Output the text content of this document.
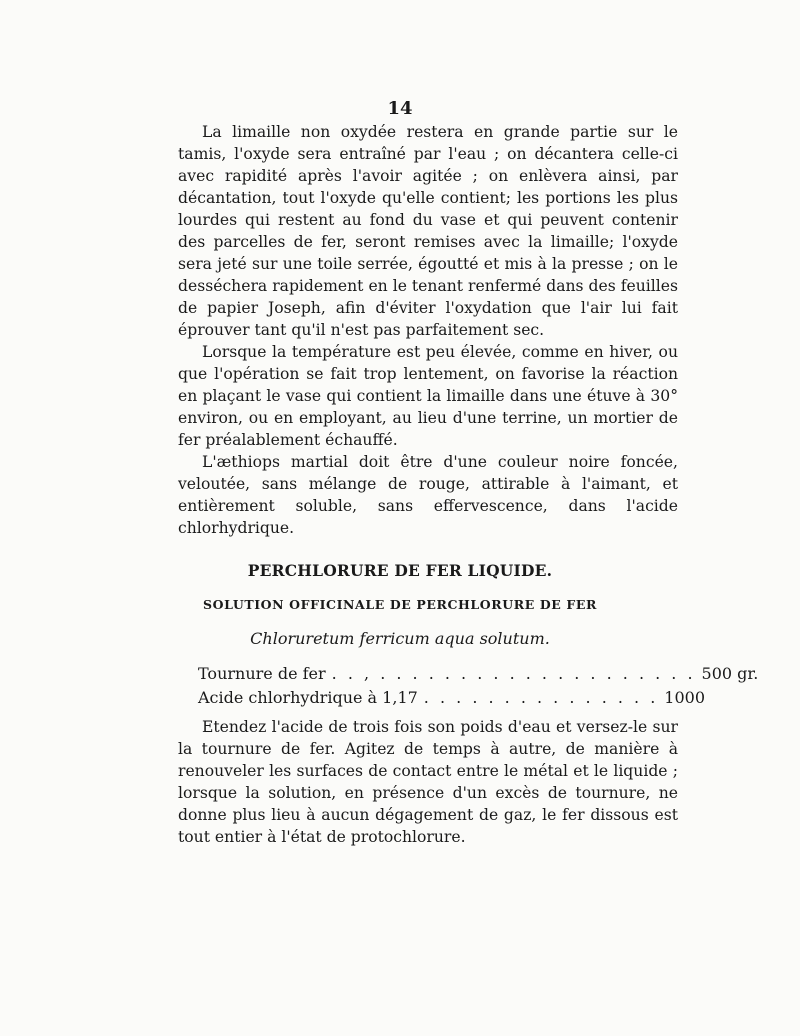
14

La limaille non oxydée restera en grande partie sur le tamis, l'oxyde sera entraîné par l'eau ; on décantera celle-ci avec rapidité après l'avoir agitée ; on enlèvera ainsi, par décantation, tout l'oxyde qu'elle contient; les portions les plus lourdes qui restent au fond du vase et qui peuvent contenir des parcelles de fer, seront remises avec la limaille; l'oxyde sera jeté sur une toile serrée, égoutté et mis à la presse ; on le desséchera rapidement en le tenant renfermé dans des feuilles de papier Joseph, afin d'éviter l'oxydation que l'air lui fait éprouver tant qu'il n'est pas parfaitement sec.

Lorsque la température est peu élevée, comme en hiver, ou que l'opération se fait trop lentement, on favorise la réaction en plaçant le vase qui contient la limaille dans une étuve à 30° environ, ou en employant, au lieu d'une terrine, un mortier de fer préalablement échauffé.

L'æthiops martial doit être d'une couleur noire foncée, veloutée, sans mélange de rouge, attirable à l'aimant, et entièrement soluble, sans effervescence, dans l'acide chlorhydrique.

PERCHLORURE DE FER LIQUIDE.
SOLUTION OFFICINALE DE PERCHLORURE DE FER
Chloruretum ferricum aqua solutum.
Tournure de fer . . , . . . . . . . . . . . . . . . . . . . . 500 gr.
Acide chlorhydrique à 1,17 . . . . . . . . . . . . . . . 1000

Etendez l'acide de trois fois son poids d'eau et versez-le sur la tournure de fer. Agitez de temps à autre, de manière à renouveler les surfaces de contact entre le métal et le liquide ; lorsque la solution, en présence d'un excès de tournure, ne donne plus lieu à aucun dégagement de gaz, le fer dissous est tout entier à l'état de protochlorure.
